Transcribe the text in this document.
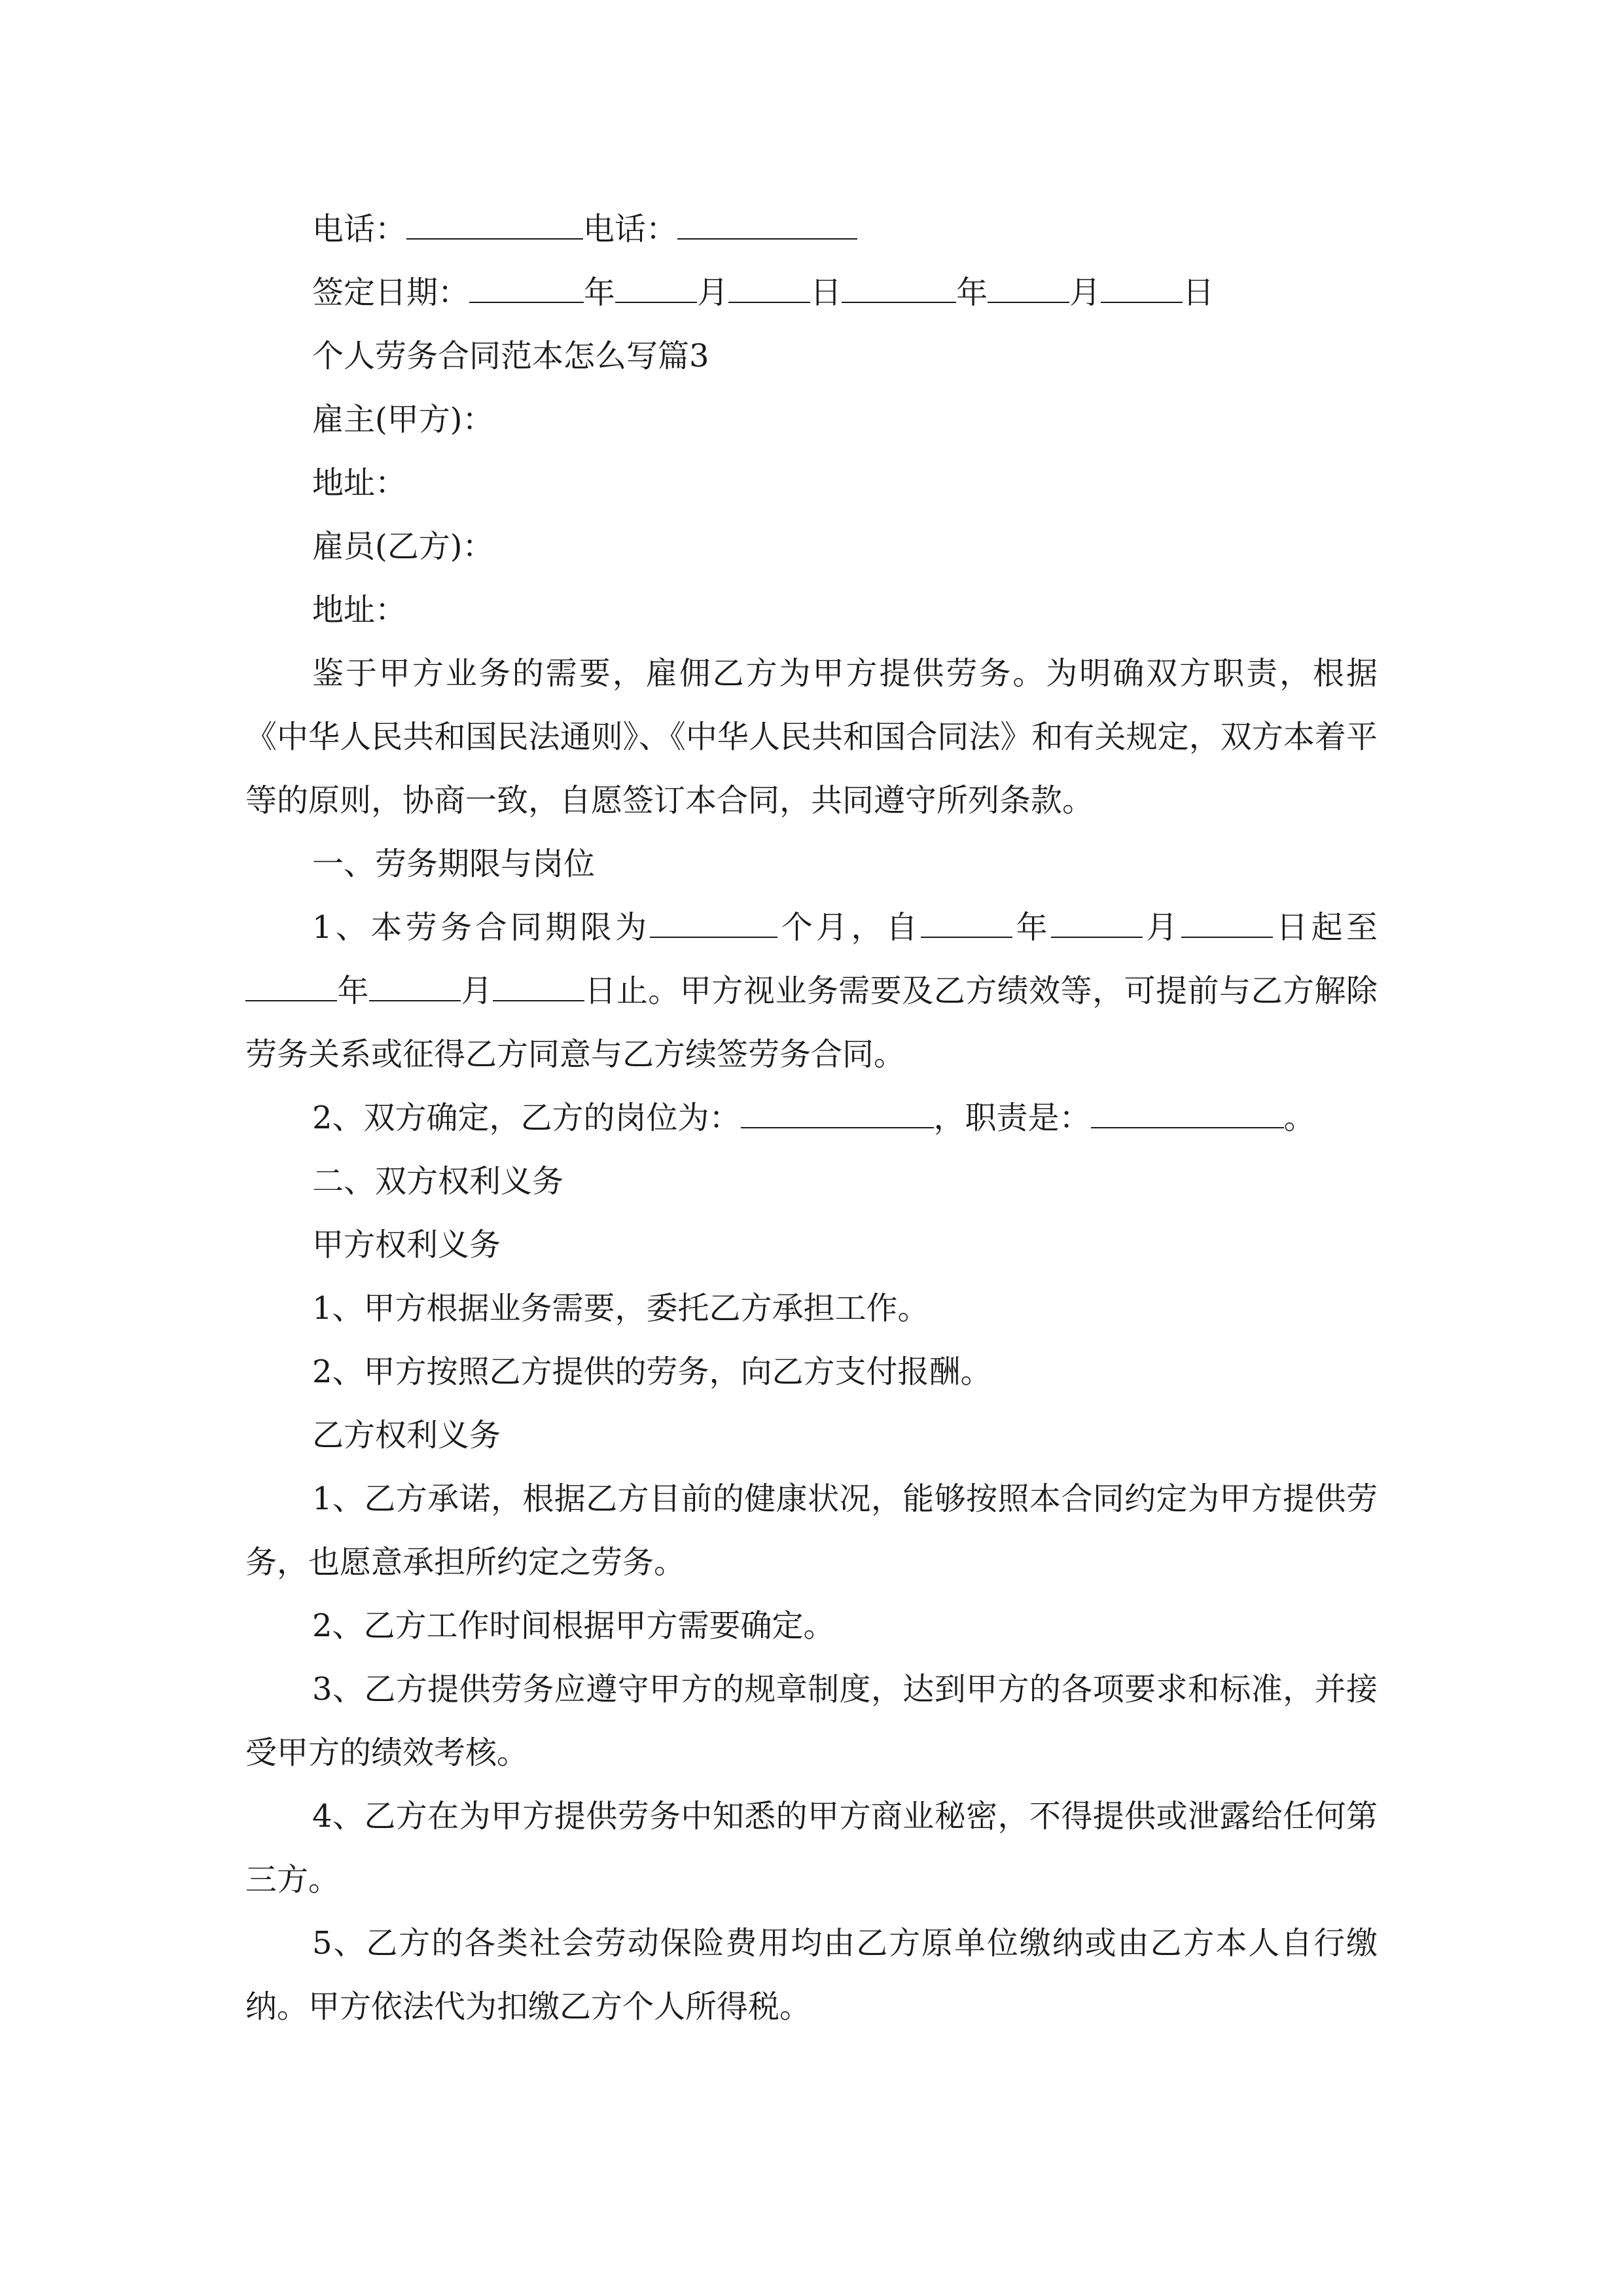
电话：	电话：
签定日期：	年	月	日	年	月	日
个人劳务合同范本怎么写篇3
雇主(甲方)：
地址：
雇员(乙方)：
地址：
鉴于甲方业务的需要，雇佣乙方为甲方提供劳务。为明确双方职责，根据《中华人民共和国民法通则》、《中华人民共和国合同法》和有关规定，双方本着平等的原则，协商一致，自愿签订本合同，共同遵守所列条款。
一、劳务期限与岗位
1、本劳务合同期限为	个月，自	年	月	日起至年	月	日止。甲方视业务需要及乙方绩效等，可提前与乙方解除劳务关系或征得乙方同意与乙方续签劳务合同。
2、双方确定，乙方的岗位为：	，职责是：	。
二、双方权利义务
甲方权利义务
1、甲方根据业务需要，委托乙方承担工作。
2、甲方按照乙方提供的劳务，向乙方支付报酬。
乙方权利义务
1、乙方承诺，根据乙方目前的健康状况，能够按照本合同约定为甲方提供劳务，也愿意承担所约定之劳务。
2、乙方工作时间根据甲方需要确定。
3、乙方提供劳务应遵守甲方的规章制度，达到甲方的各项要求和标准，并接受甲方的绩效考核。
4、乙方在为甲方提供劳务中知悉的甲方商业秘密，不得提供或泄露给任何第三方。
5、乙方的各类社会劳动保险费用均由乙方原单位缴纳或由乙方本人自行缴纳。甲方依法代为扣缴乙方个人所得税。
